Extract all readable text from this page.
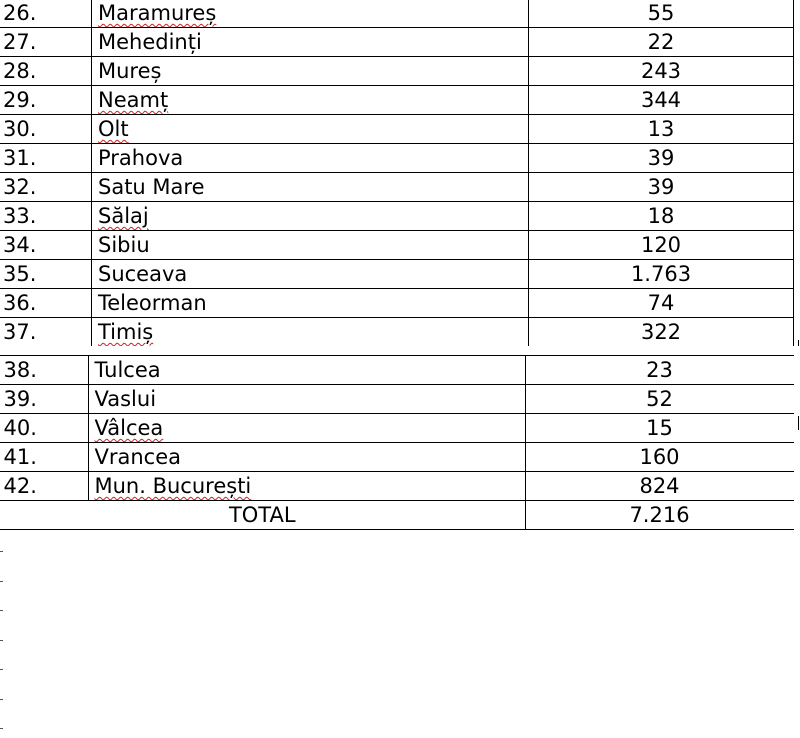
26.	Maramureș	55
27.	Mehedinți	22
28.	Mureș	243
29.	Neamț	344
30.	Olt	13
31.	Prahova	39
32.	Satu Mare	39
33.	Sălaj	18
34.	Sibiu	120
35.	Suceava	1.763
36.	Teleorman	74
37.	Timiș	322
38.	Tulcea	23
39.	Vaslui	52
40.	Vâlcea	15
41.	Vrancea	160
42.	Mun. București	824
TOTAL		7.216
